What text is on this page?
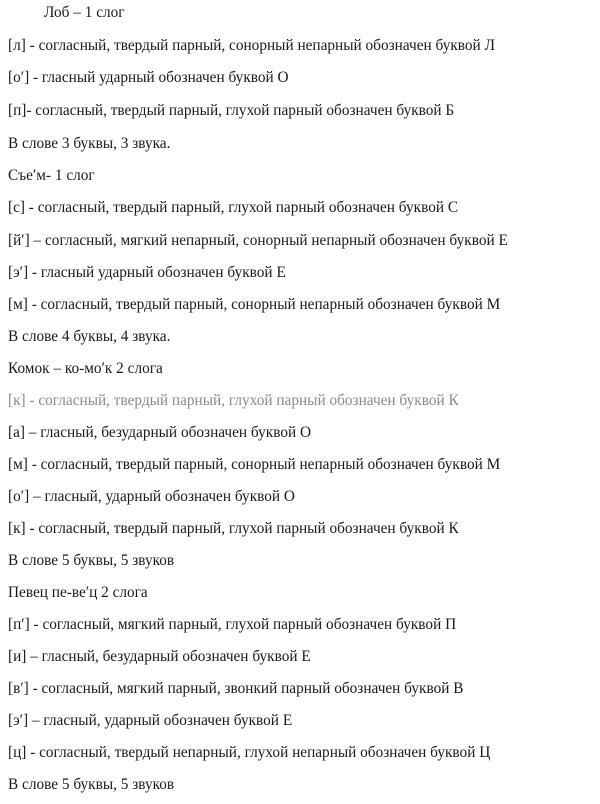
Лоб – 1 слог
[л] - согласный, твердый парный, сонорный непарный обозначен буквой Л
[о′] - гласный ударный обозначен буквой О
[п]- согласный, твердый парный, глухой парный обозначен буквой Б
В слове 3 буквы, 3 звука.
Съе′м- 1 слог
[с] - согласный, твердый парный, глухой парный обозначен буквой С
[й′] – согласный, мягкий непарный, сонорный непарный обозначен буквой Е
[э′] - гласный ударный обозначен буквой Е
[м] - согласный, твердый парный, сонорный непарный обозначен буквой М
В слове 4 буквы, 4 звука.
Комок – ко-мо′к 2 слога
[к] - согласный, твердый парный, глухой парный обозначен буквой К
[а] – гласный, безударный обозначен буквой О
[м] - согласный, твердый парный, сонорный непарный обозначен буквой М
[о′] – гласный, ударный обозначен буквой О
[к] - согласный, твердый парный, глухой парный обозначен буквой К
В слове 5 буквы, 5 звуков
Певец пе-ве′ц 2 слога
[п′] - согласный, мягкий парный, глухой парный обозначен буквой П
[и] – гласный, безударный обозначен буквой Е
[в′] - согласный, мягкий парный, звонкий парный обозначен буквой В
[э′] – гласный, ударный обозначен буквой Е
[ц] - согласный, твердый непарный, глухой непарный обозначен буквой Ц
В слове 5 буквы, 5 звуков
